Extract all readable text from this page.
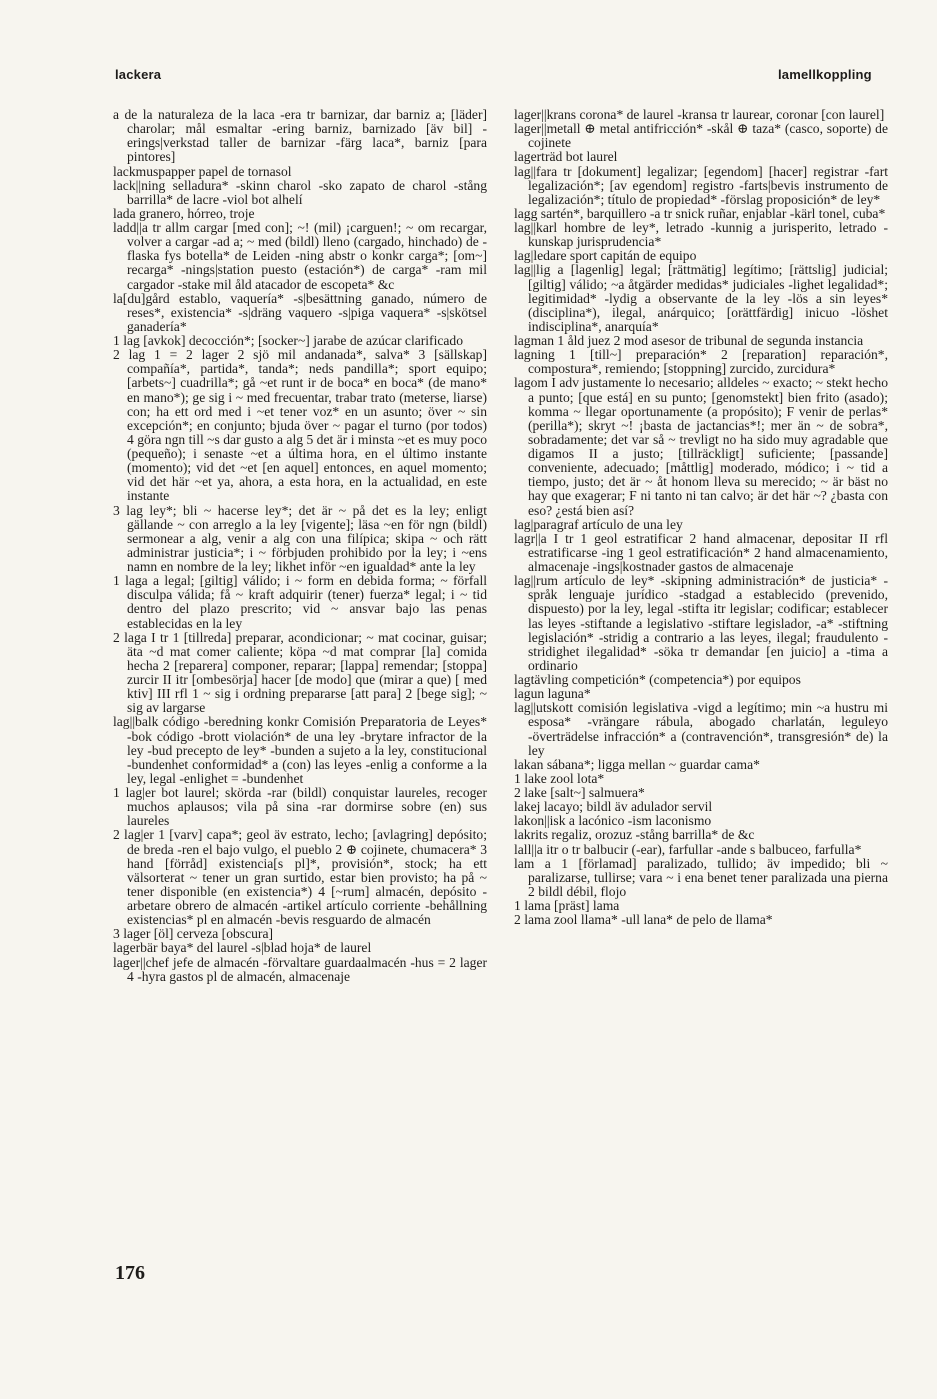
lackera	lamellkoppling

a de la naturaleza de la laca -era tr barnizar, dar barniz a; [läder] charolar; mål esmaltar -ering barniz, barnizado [äv bil] -erings|verkstad taller de barnizar -färg laca*, barniz [para pintores]

lackmuspapper papel de tornasol

lack||ning selladura* -skinn charol -sko zapato de charol -stång barrilla* de lacre -viol bot alhelí

lada granero, hórreo, troje

ladd||a tr allm cargar [med con]; ~! (mil) ¡carguen!; ~ om recargar, volver a cargar -ad a; ~ med (bildl) lleno (cargado, hinchado) de -flaska fys botella* de Leiden -ning abstr o konkr carga*; [om~] recarga* -nings|station puesto (estación*) de carga* -ram mil cargador -stake mil åld atacador de escopeta* &c

la[du]gård establo, vaquería* -s|besättning ganado, número de reses*, existencia* -s|dräng vaquero -s|piga vaquera* -s|skötsel ganadería*

1 lag [avkok] decocción*; [socker~] jarabe de azúcar clarificado

2 lag 1 = 2 lager 2 sjö mil andanada*, salva* 3 [sällskap] compañía*, partida*, tanda*; neds pandilla*; sport equipo; [arbets~] cuadrilla*; gå ~et runt ir de boca* en boca* (de mano* en mano*); ge sig i ~ med frecuentar, trabar trato (meterse, liarse) con; ha ett ord med i ~et tener voz* en un asunto; över ~ sin excepción*; en conjunto; bjuda över ~ pagar el turno (por todos) 4 göra ngn till ~s dar gusto a alg 5 det är i minsta ~et es muy poco (pequeño); i senaste ~et a última hora, en el último instante (momento); vid det ~et [en aquel] entonces, en aquel momento; vid det här ~et ya, ahora, a esta hora, en la actualidad, en este instante

3 lag ley*; bli ~ hacerse ley*; det är ~ på det es la ley; enligt gällande ~ con arreglo a la ley [vigente]; läsa ~en för ngn (bildl) sermonear a alg, venir a alg con una filípica; skipa ~ och rätt administrar justicia*; i ~ förbjuden prohibido por la ley; i ~ens namn en nombre de la ley; likhet inför ~en igualdad* ante la ley

1 laga a legal; [giltig] válido; i ~ form en debida forma; ~ förfall disculpa válida; få ~ kraft adquirir (tener) fuerza* legal; i ~ tid dentro del plazo prescrito; vid ~ ansvar bajo las penas establecidas en la ley

2 laga I tr 1 [tillreda] preparar, acondicionar; ~ mat cocinar, guisar; äta ~d mat comer caliente; köpa ~d mat comprar [la] comida hecha 2 [reparera] componer, reparar; [lappa] remendar; [stoppa] zurcir II itr [ombesörja] hacer [de modo] que (mirar a que) [ med ktiv] III rfl 1 ~ sig i ordning prepararse [att para] 2 [bege sig]; ~ sig av largarse

lag||balk código -beredning konkr Comisión Preparatoria de Leyes* -bok código -brott violación* de una ley -brytare infractor de la ley -bud precepto de ley* -bunden a sujeto a la ley, constitucional -bundenhet conformidad* a (con) las leyes -enlig a conforme a la ley, legal -enlighet = -bundenhet

1 lag|er bot laurel; skörda -rar (bildl) conquistar laureles, recoger muchos aplausos; vila på sina -rar dormirse sobre (en) sus laureles

2 lag|er 1 [varv] capa*; geol äv estrato, lecho; [avlagring] depósito; de breda -ren el bajo vulgo, el pueblo 2 ⊕ cojinete, chumacera* 3 hand [förråd] existencia[s pl]*, provisión*, stock; ha ett välsorterat ~ tener un gran surtido, estar bien provisto; ha på ~ tener disponible (en existencia*) 4 [~rum] almacén, depósito -arbetare obrero de almacén -artikel artículo corriente -behållning existencias* pl en almacén -bevis resguardo de almacén

3 lager [öl] cerveza [obscura]

lagerbär baya* del laurel -s|blad hoja* de laurel

lager||chef jefe de almacén -förvaltare guardaalmacén -hus = 2 lager 4 -hyra gastos pl de almacén, almacenaje

lager||krans corona* de laurel -kransa tr laurear, coronar [con laurel]

lager||metall ⊕ metal antifricción* -skål ⊕ taza* (casco, soporte) de cojinete

lagerträd bot laurel

lag||fara tr [dokument] legalizar; [egendom] [hacer] registrar -fart legalización*; [av egendom] registro -farts|bevis instrumento de legalización*; título de propiedad* -förslag proposición* de ley*

lagg sartén*, barquillero -a tr snick ruñar, enjablar -kärl tonel, cuba*

lag||karl hombre de ley*, letrado -kunnig a jurisperito, letrado -kunskap jurisprudencia*

lag|ledare sport capitán de equipo

lag||lig a [lagenlig] legal; [rättmätig] legítimo; [rättslig] judicial; [giltig] válido; ~a åtgärder medidas* judiciales -lighet legalidad*; legitimidad* -lydig a observante de la ley -lös a sin leyes* (disciplina*), ilegal, anárquico; [orättfärdig] inicuo -löshet indisciplina*, anarquía*

lagman 1 åld juez 2 mod asesor de tribunal de segunda instancia

lagning 1 [till~] preparación* 2 [reparation] reparación*, compostura*, remiendo; [stoppning] zurcido, zurcidura*

lagom I adv justamente lo necesario; alldeles ~ exacto; ~ stekt hecho a punto; [que está] en su punto; [genomstekt] bien frito (asado); komma ~ llegar oportunamente (a propósito); F venir de perlas* (perilla*); skryt ~! ¡basta de jactancias*!; mer än ~ de sobra*, sobradamente; det var så ~ trevligt no ha sido muy agradable que digamos II a justo; [tillräckligt] suficiente; [passande] conveniente, adecuado; [måttlig] moderado, módico; i ~ tid a tiempo, justo; det är ~ åt honom lleva su merecido; ~ är bäst no hay que exagerar; F ni tanto ni tan calvo; är det här ~? ¿basta con eso? ¿está bien así?

lag|paragraf artículo de una ley

lagr||a I tr 1 geol estratificar 2 hand almacenar, depositar II rfl estratificarse -ing 1 geol estratificación* 2 hand almacenamiento, almacenaje -ings|kostnader gastos de almacenaje

lag||rum artículo de ley* -skipning administración* de justicia* -språk lenguaje jurídico -stadgad a establecido (prevenido, dispuesto) por la ley, legal -stifta itr legislar; codificar; establecer las leyes -stiftande a legislativo -stiftare legislador, -a* -stiftning legislación* -stridig a contrario a las leyes, ilegal; fraudulento -stridighet ilegalidad* -söka tr demandar [en juicio] a -tima a ordinario

lagtävling competición* (competencia*) por equipos

lagun laguna*

lag||utskott comisión legislativa -vigd a legítimo; min ~a hustru mi esposa* -vrängare rábula, abogado charlatán, leguleyo -överträdelse infracción* a (contravención*, transgresión* de) la ley

lakan sábana*; ligga mellan ~ guardar cama*

1 lake zool lota*

2 lake [salt~] salmuera*

lakej lacayo; bildl äv adulador servil

lakon||isk a lacónico -ism laconismo

lakrits regaliz, orozuz -stång barrilla* de &c

lall||a itr o tr balbucir (-ear), farfullar -ande s balbuceo, farfulla*

lam a 1 [förlamad] paralizado, tullido; äv impedido; bli ~ paralizarse, tullirse; vara ~ i ena benet tener paralizada una pierna 2 bildl débil, flojo

1 lama [präst] lama

2 lama zool llama* -ull lana* de pelo de llama*

176
